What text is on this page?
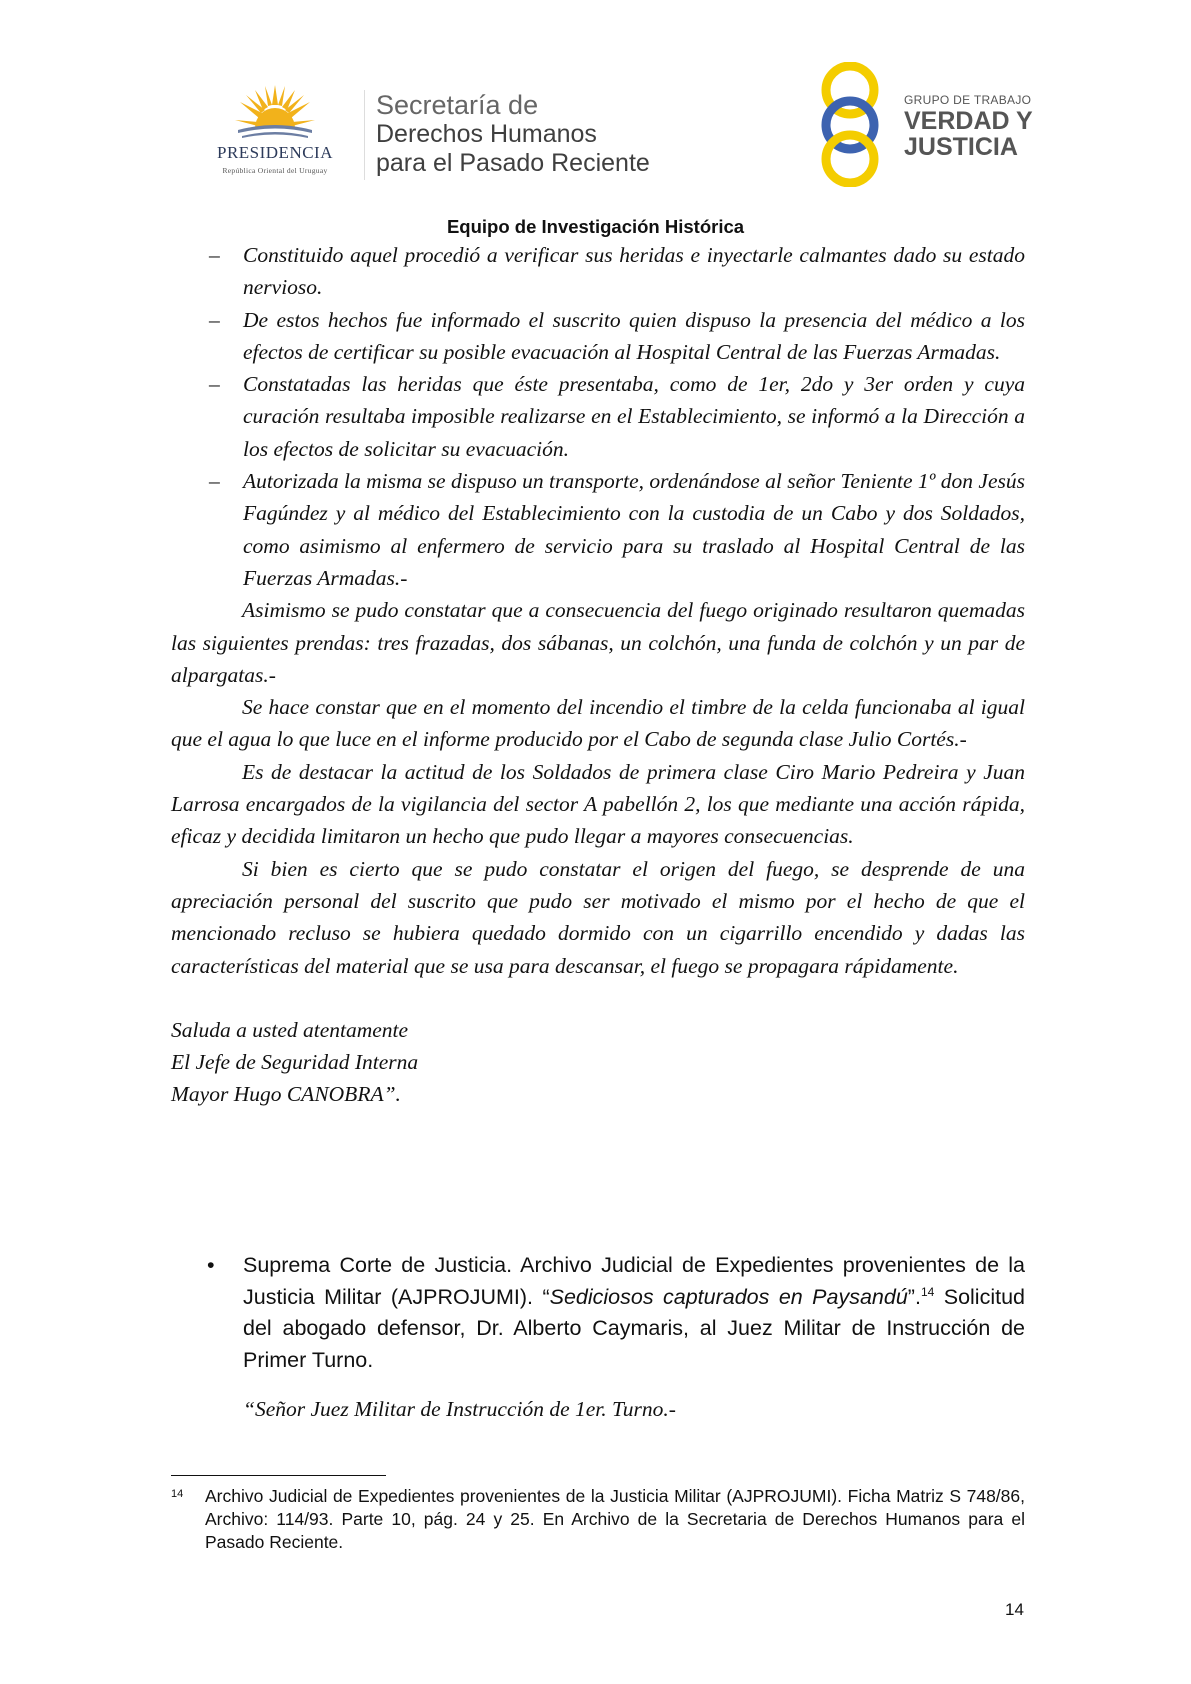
PRESIDENCIA
República Oriental del Uruguay
Secretaría de
Derechos Humanos
para el Pasado Reciente
GRUPO DE TRABAJO
VERDAD Y
JUSTICIA
Equipo de Investigación Histórica
– Constituido aquel procedió a verificar sus heridas e inyectarle calmantes dado su estado nervioso.
– De estos hechos fue informado el suscrito quien dispuso la presencia del médico a los efectos de certificar su posible evacuación al Hospital Central de las Fuerzas Armadas.
– Constatadas las heridas que éste presentaba, como de 1er, 2do y 3er orden y cuya curación resultaba imposible realizarse en el Establecimiento, se informó a la Dirección a los efectos de solicitar su evacuación.
– Autorizada la misma se dispuso un transporte, ordenándose al señor Teniente 1º don Jesús Fagúndez y al médico del Establecimiento con la custodia de un Cabo y dos Soldados, como asimismo al enfermero de servicio para su traslado al Hospital Central de las Fuerzas Armadas.-

Asimismo se pudo constatar que a consecuencia del fuego originado resultaron quemadas las siguientes prendas: tres frazadas, dos sábanas, un colchón, una funda de colchón y un par de alpargatas.-

Se hace constar que en el momento del incendio el timbre de la celda funcionaba al igual que el agua lo que luce en el informe producido por el Cabo de segunda clase Julio Cortés.-

Es de destacar la actitud de los Soldados de primera clase Ciro Mario Pedreira y Juan Larrosa encargados de la vigilancia del sector A pabellón 2, los que mediante una acción rápida, eficaz y decidida limitaron un hecho que pudo llegar a mayores consecuencias.

Si bien es cierto que se pudo constatar el origen del fuego, se desprende de una apreciación personal del suscrito que pudo ser motivado el mismo por el hecho de que el mencionado recluso se hubiera quedado dormido con un cigarrillo encendido y dadas las características del material que se usa para descansar, el fuego se propagara rápidamente.

Saluda a usted atentamente
El Jefe de Seguridad Interna
Mayor Hugo CANOBRA”.
• Suprema Corte de Justicia. Archivo Judicial de Expedientes provenientes de la Justicia Militar (AJPROJUMI). “Sediciosos capturados en Paysandú”.$^{14}$ Solicitud del abogado defensor, Dr. Alberto Caymaris, al Juez Militar de Instrucción de Primer Turno.
“Señor Juez Militar de Instrucción de 1er. Turno.-
14	Archivo Judicial de Expedientes provenientes de la Justicia Militar (AJPROJUMI). Ficha Matriz S 748/86, Archivo: 114/93. Parte 10, pág. 24 y 25. En Archivo de la Secretaria de Derechos Humanos para el Pasado Reciente.
14
